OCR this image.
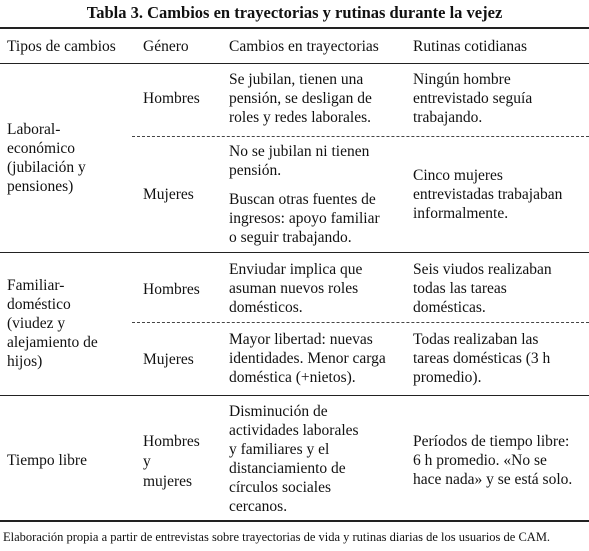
Tabla 3. Cambios en trayectorias y rutinas durante la vejez
Tipos de cambios Género	Cambios en trayectorias Rutinas cotidianas
Laboral-
económico
(jubilación y
pensiones)
Hombres
Se jubilan, tienen una
pensión, se desligan de
roles y redes laborales.
Ningún hombre
entrevistado seguía
trabajando.
Mujeres
No se jubilan ni tienen
pensión.
Buscan otras fuentes de
ingresos: apoyo familiar
o seguir trabajando.
Cinco mujeres
entrevistadas trabajaban
informalmente.
Familiar-
doméstico
(viudez y
alejamiento de
hijos)
Hombres
Enviudar implica que
asuman nuevos roles
domésticos.
Seis viudos realizaban
todas las tareas
domésticas.
Mujeres
Mayor libertad: nuevas
identidades. Menor carga
doméstica (+nietos).
Todas realizaban las
tareas domésticas (3 h
promedio).
Tiempo libre
Hombres
y
mujeres
Disminución de
actividades laborales
y familiares y el
distanciamiento de
círculos sociales
cercanos.
Períodos de tiempo libre:
6 h promedio. «No se
hace nada» y se está solo.
Elaboración propia a partir de entrevistas sobre trayectorias de vida y rutinas diarias de los usuarios de CAM.
